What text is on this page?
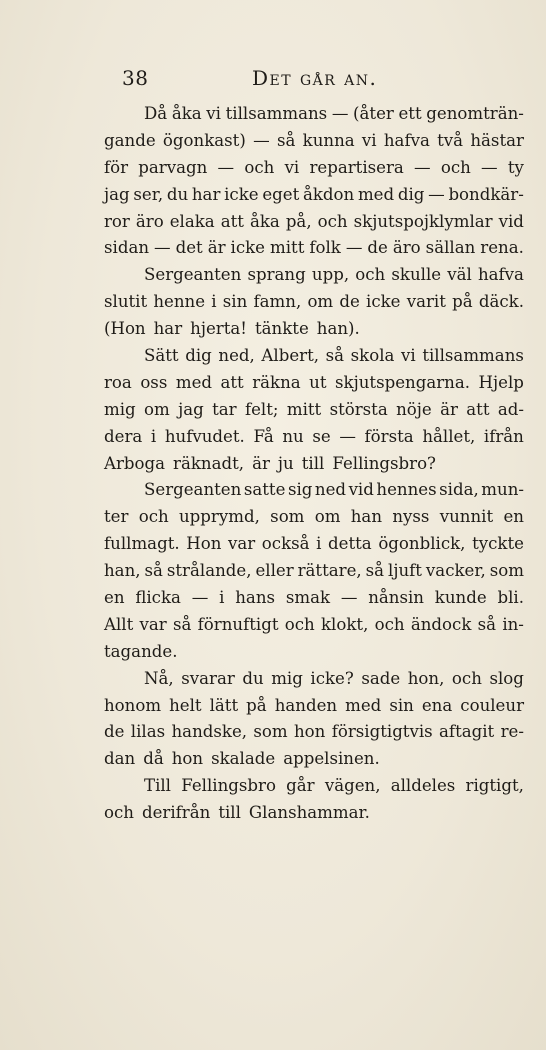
38	Det går an.
Då åka vi tillsammans — (åter ett genomträn-
gande ögonkast) — så kunna vi hafva två hästar
för parvagn — och vi repartisera — och — ty
jag ser, du har icke eget åkdon med dig — bondkär-
ror äro elaka att åka på, och skjutspojklymlar vid
sidan — det är icke mitt folk — de äro sällan rena.
Sergeanten sprang upp, och skulle väl hafva
slutit henne i sin famn, om de icke varit på däck.
(Hon har hjerta! tänkte han).
Sätt dig ned, Albert, så skola vi tillsammans
roa oss med att räkna ut skjutspengarna. Hjelp
mig om jag tar felt; mitt största nöje är att ad-
dera i hufvudet. Få nu se — första hållet, ifrån
Arboga räknadt, är ju till Fellingsbro?
Sergeanten satte sig ned vid hennes sida, mun-
ter och upprymd, som om han nyss vunnit en
fullmagt. Hon var också i detta ögonblick, tyckte
han, så strålande, eller rättare, så ljuft vacker, som
en flicka — i hans smak — nånsin kunde bli.
Allt var så förnuftigt och klokt, och ändock så in-
tagande.
Nå, svarar du mig icke? sade hon, och slog
honom helt lätt på handen med sin ena couleur
de lilas handske, som hon försigtigtvis aftagit re-
dan då hon skalade appelsinen.
Till Fellingsbro går vägen, alldeles rigtigt,
och derifrån till Glanshammar.
